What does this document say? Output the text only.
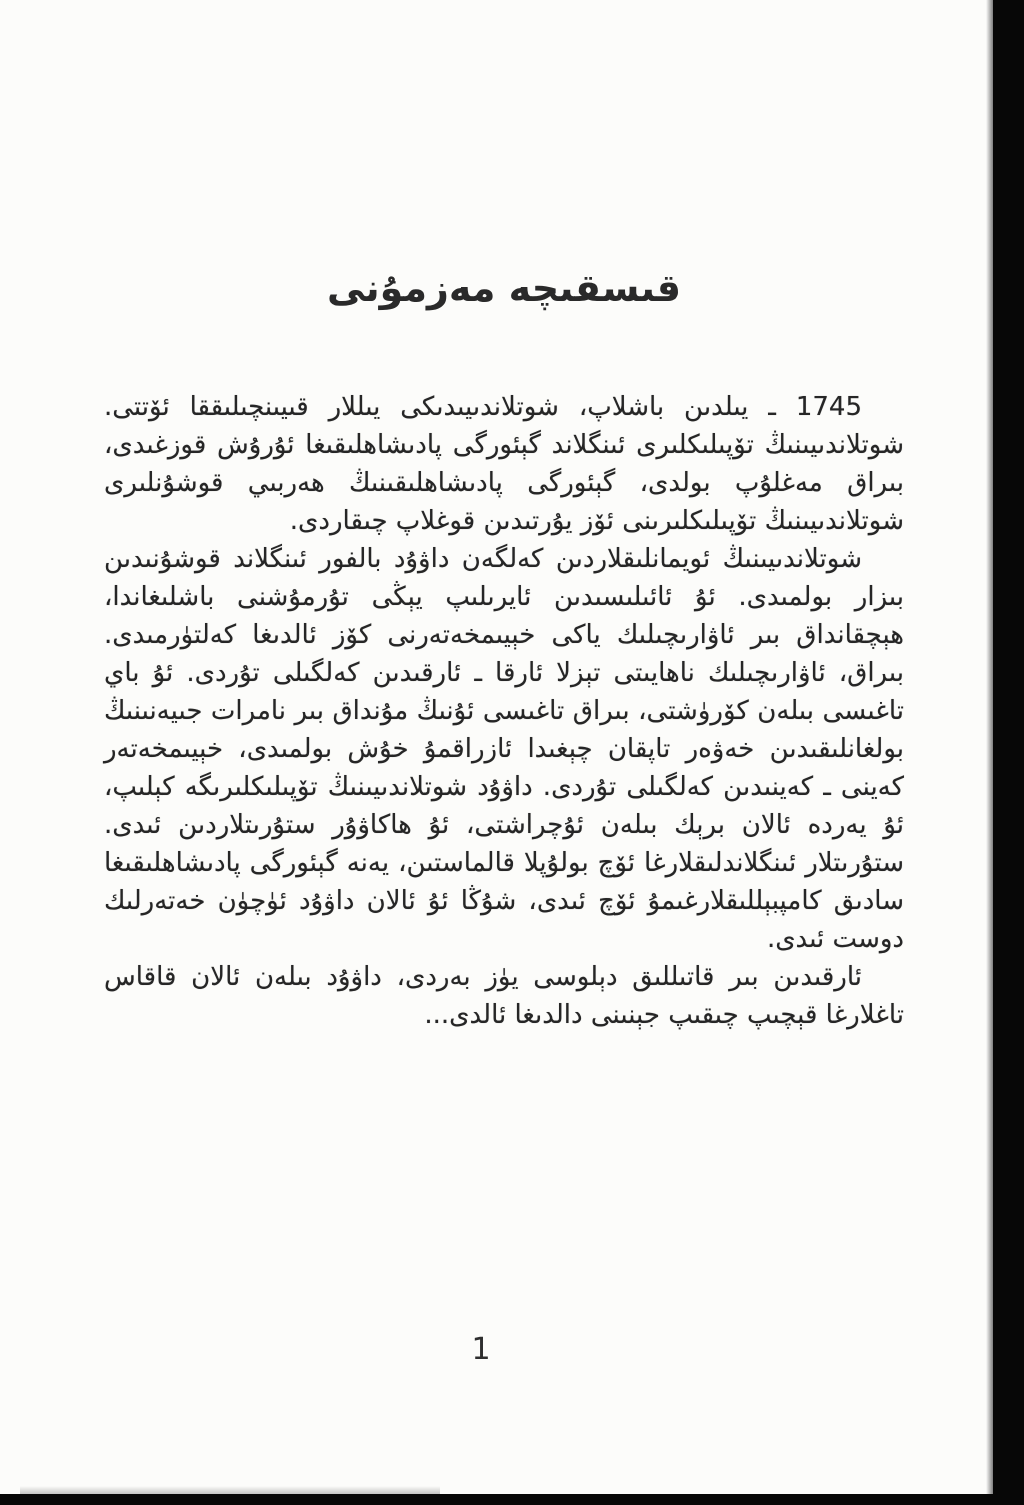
قىسقىچە مەزمۇنى

1745 ـ يىلدىن باشلاپ، شوتلاندىيىدىكى يىللار قىيىنچىلىققا ئۆتتى. شوتلاندىيىنىڭ تۆپىلىكلىرى ئىنگلاند گېئورگى پادىشاھلىقىغا ئۇرۇش قوزغىدى، بىراق مەغلۇپ بولدى، گېئورگى پادىشاھلىقىنىڭ ھەربىي قوشۇنلىرى شوتلاندىيىنىڭ تۆپىلىكلىرىنى ئۆز يۇرتىدىن قوغلاپ چىقاردى.

شوتلاندىيىنىڭ ئويمانلىقلاردىن كەلگەن داۋۇد بالفور ئىنگلاند قوشۇنىدىن بىزار بولمىدى. ئۇ ئائىلىسىدىن ئايرىلىپ يېڭى تۇرمۇشنى باشلىغاندا، ھېچقانداق بىر ئاۋارىچىلىك ياكى خېيىمخەتەرنى كۆز ئالدىغا كەلتۈرمىدى. بىراق، ئاۋارىچىلىك ناھايىتى تېزلا ئارقا ـ ئارقىدىن كەلگىلى تۇردى. ئۇ باي تاغىسى بىلەن كۆرۈشتى، بىراق تاغىسى ئۇنىڭ مۇنداق بىر نامرات جىيەنىنىڭ بولغانلىقىدىن خەۋەر تاپقان چېغىدا ئازراقمۇ خۇش بولمىدى، خېيىمخەتەر كەينى ـ كەينىدىن كەلگىلى تۇردى. داۋۇد شوتلاندىيىنىڭ تۆپىلىكلىرىگە كېلىپ، ئۇ يەردە ئالان برېك بىلەن ئۇچراشتى، ئۇ ھاكاۋۇر ستۇرىتلاردىن ئىدى. ستۇرىتلار ئىنگلاندلىقلارغا ئۆچ بولۇپلا قالماستىن، يەنە گېئورگى پادىشاھلىقىغا سادىق كامپبېللىقلارغىمۇ ئۆچ ئىدى، شۇڭا ئۇ ئالان داۋۇد ئۈچۈن خەتەرلىك دوست ئىدى.

ئارقىدىن بىر قاتىللىق دېلوسى يۈز بەردى، داۋۇد بىلەن ئالان قاقاس تاغلارغا قېچىپ چىقىپ جېنىنى دالدىغا ئالدى...

1
